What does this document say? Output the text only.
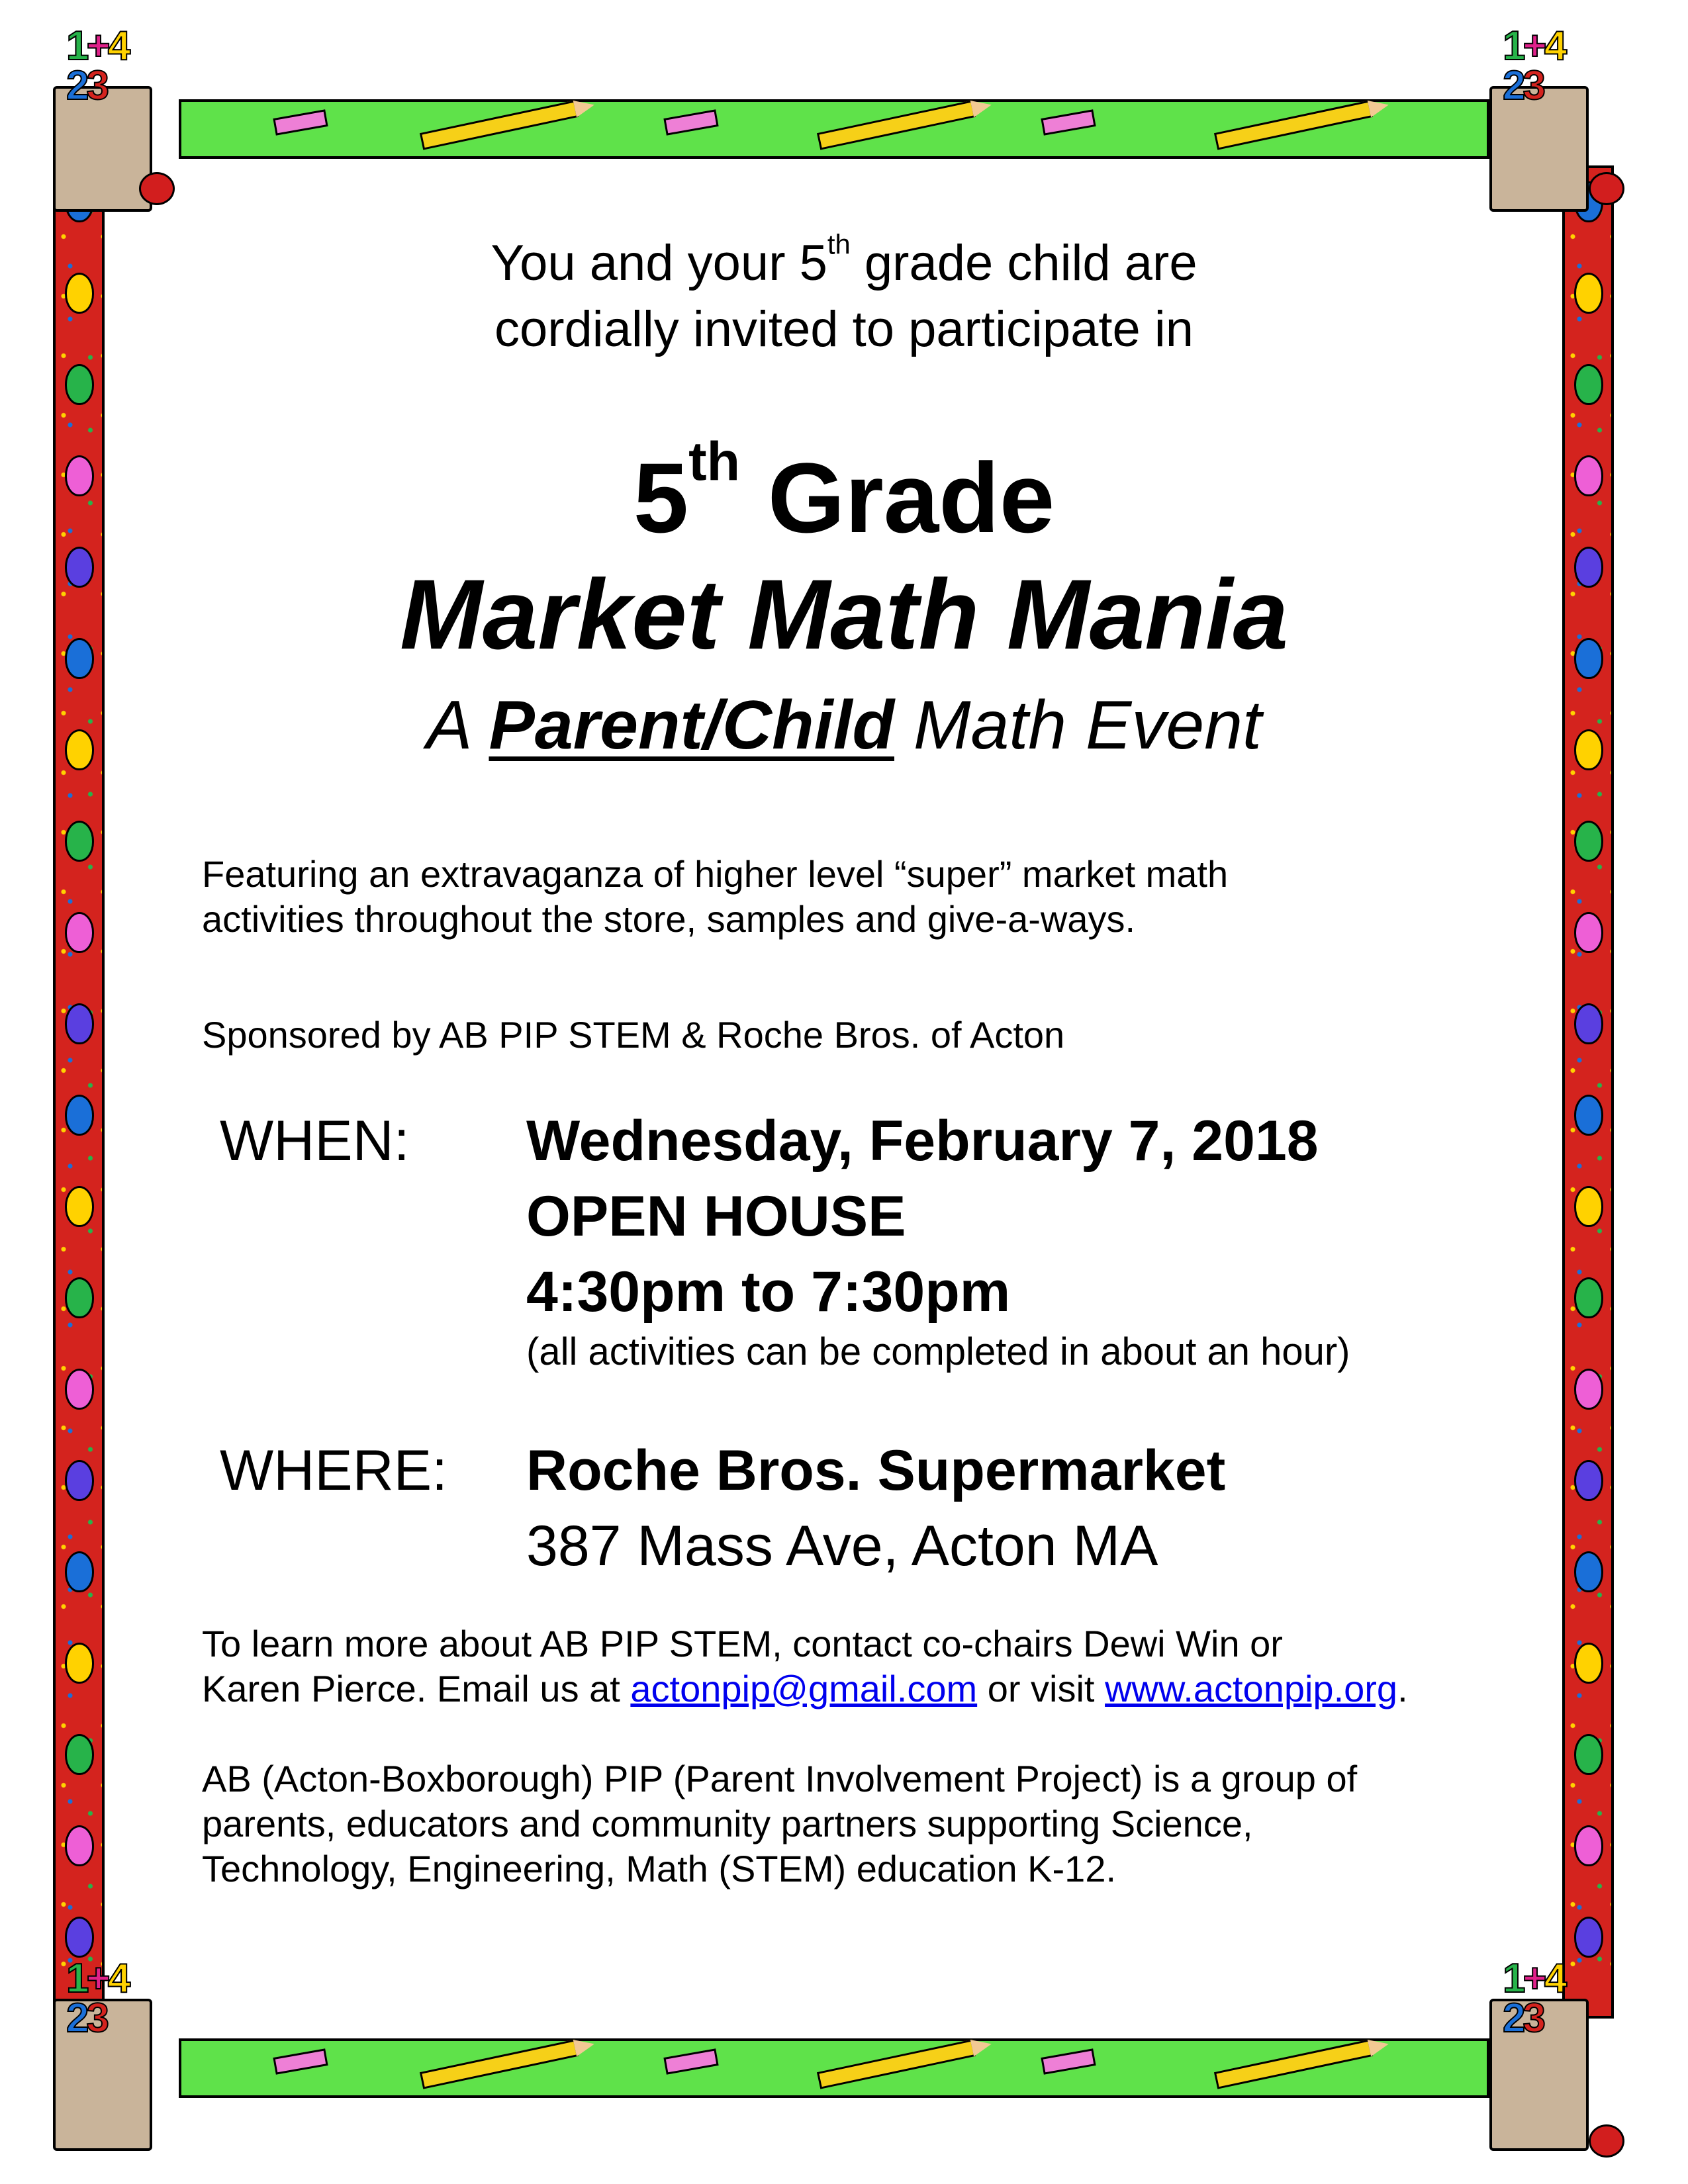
1+4
23
1+4
23
1+4
23
1+4
23
You and your 5th grade child are
cordially invited to participate in
5th Grade
Market Math Mania
A Parent/Child Math Event
Featuring an extravaganza of higher level “super” market math
activities throughout the store, samples and give-a-ways.
Sponsored by AB PIP STEM & Roche Bros. of Acton
WHEN: Wednesday, February 7, 2018
OPEN HOUSE
4:30pm to 7:30pm
(all activities can be completed in about an hour)
WHERE: Roche Bros. Supermarket
387 Mass Ave, Acton MA
To learn more about AB PIP STEM, contact co-chairs Dewi Win or
Karen Pierce. Email us at actonpip@gmail.com or visit www.actonpip.org.
AB (Acton-Boxborough) PIP (Parent Involvement Project) is a group of
parents, educators and community partners supporting Science,
Technology, Engineering, Math (STEM) education K-12.
